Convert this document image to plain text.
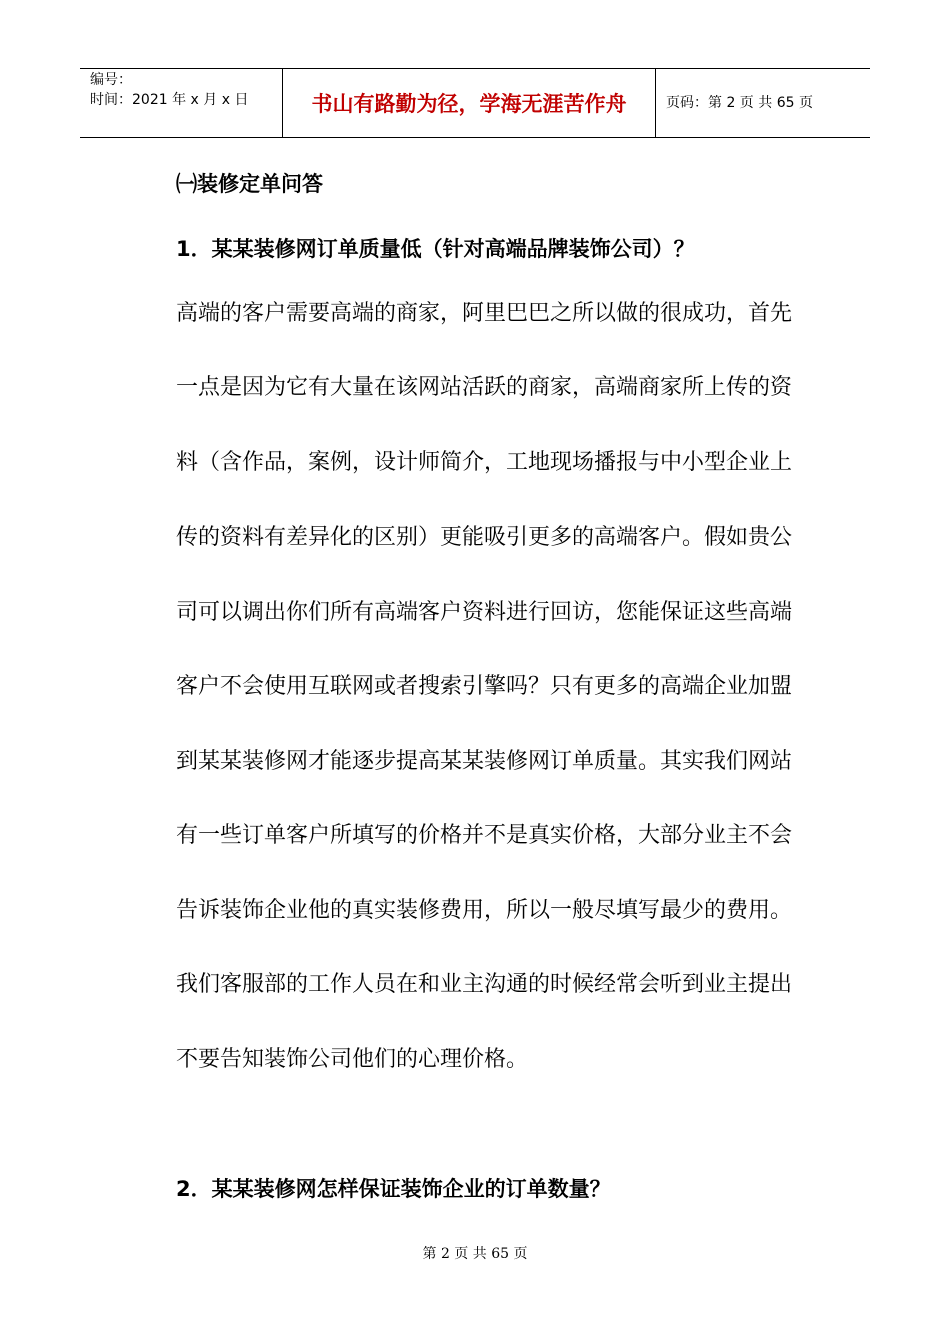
编号：
时间：2021 年 x 月 x 日	书山有路勤为径，学海无涯苦作舟	页码：第 2 页 共 65 页
㈠装修定单问答
1．某某装修网订单质量低（针对高端品牌装饰公司）？
高端的客户需要高端的商家，阿里巴巴之所以做的很成功，首先
一点是因为它有大量在该网站活跃的商家，高端商家所上传的资
料（含作品，案例，设计师简介，工地现场播报与中小型企业上
传的资料有差异化的区别）更能吸引更多的高端客户。假如贵公
司可以调出你们所有高端客户资料进行回访，您能保证这些高端
客户不会使用互联网或者搜索引擎吗？只有更多的高端企业加盟
到某某装修网才能逐步提高某某装修网订单质量。其实我们网站
有一些订单客户所填写的价格并不是真实价格，大部分业主不会
告诉装饰企业他的真实装修费用，所以一般尽填写最少的费用。
我们客服部的工作人员在和业主沟通的时候经常会听到业主提出
不要告知装饰公司他们的心理价格。
2．某某装修网怎样保证装饰企业的订单数量？
第 2 页 共 65 页
